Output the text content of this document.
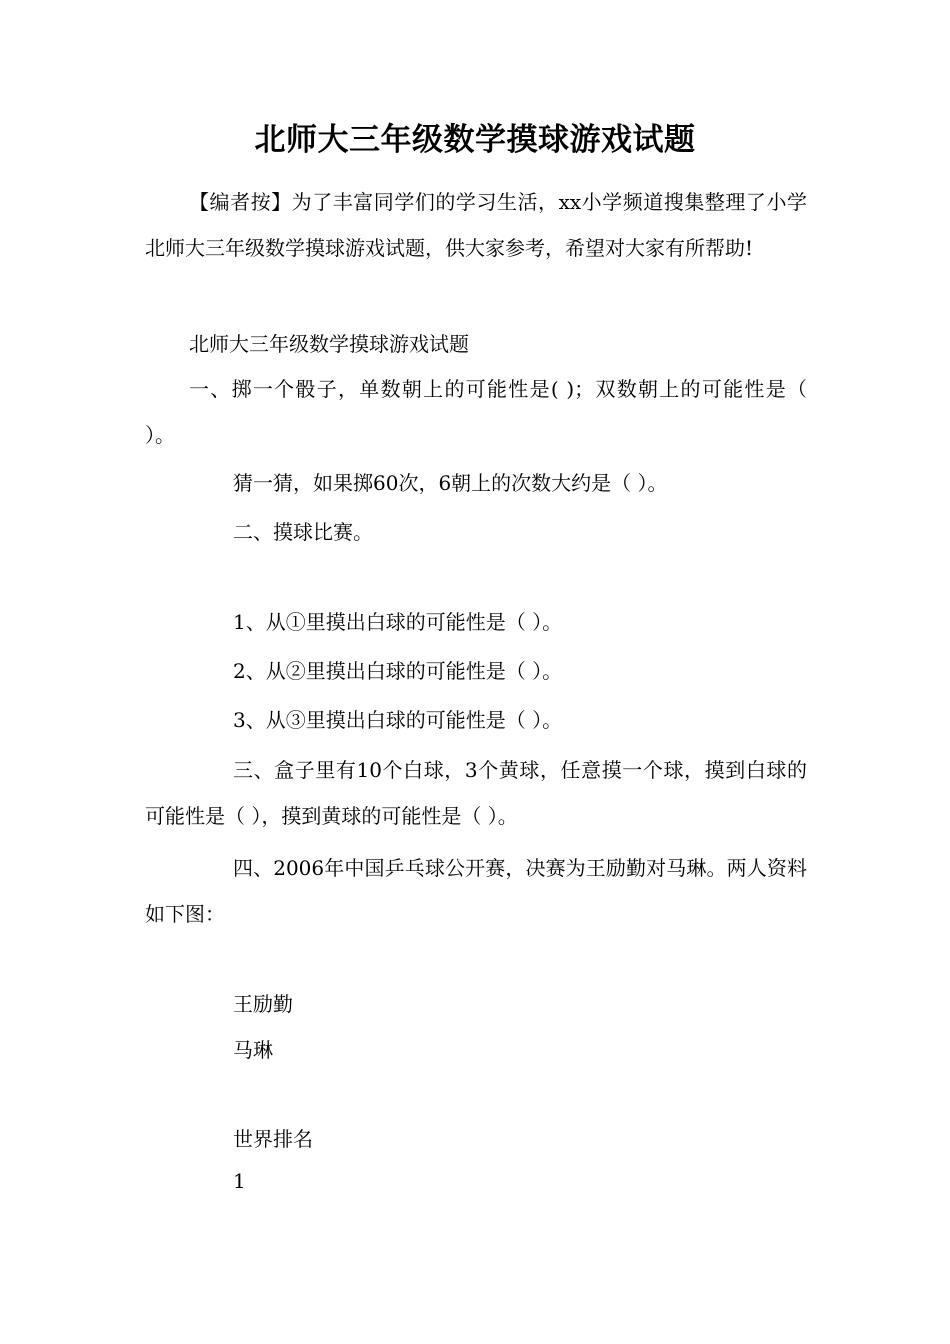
北师大三年级数学摸球游戏试题
【编者按】为了丰富同学们的学习生活，xx小学频道搜集整理了小学北师大三年级数学摸球游戏试题，供大家参考，希望对大家有所帮助!
北师大三年级数学摸球游戏试题
一、掷一个骰子，单数朝上的可能性是( )；双数朝上的可能性是（ ）。
猜一猜，如果掷60次，6朝上的次数大约是（ ）。
二、摸球比赛。
1、从①里摸出白球的可能性是（ ）。
2、从②里摸出白球的可能性是（ ）。
3、从③里摸出白球的可能性是（ ）。
三、盒子里有10个白球，3个黄球，任意摸一个球，摸到白球的可能性是（ ），摸到黄球的可能性是（ ）。
四、2006年中国乒乓球公开赛，决赛为王励勤对马琳。两人资料如下图：
王励勤
马琳
世界排名
1
